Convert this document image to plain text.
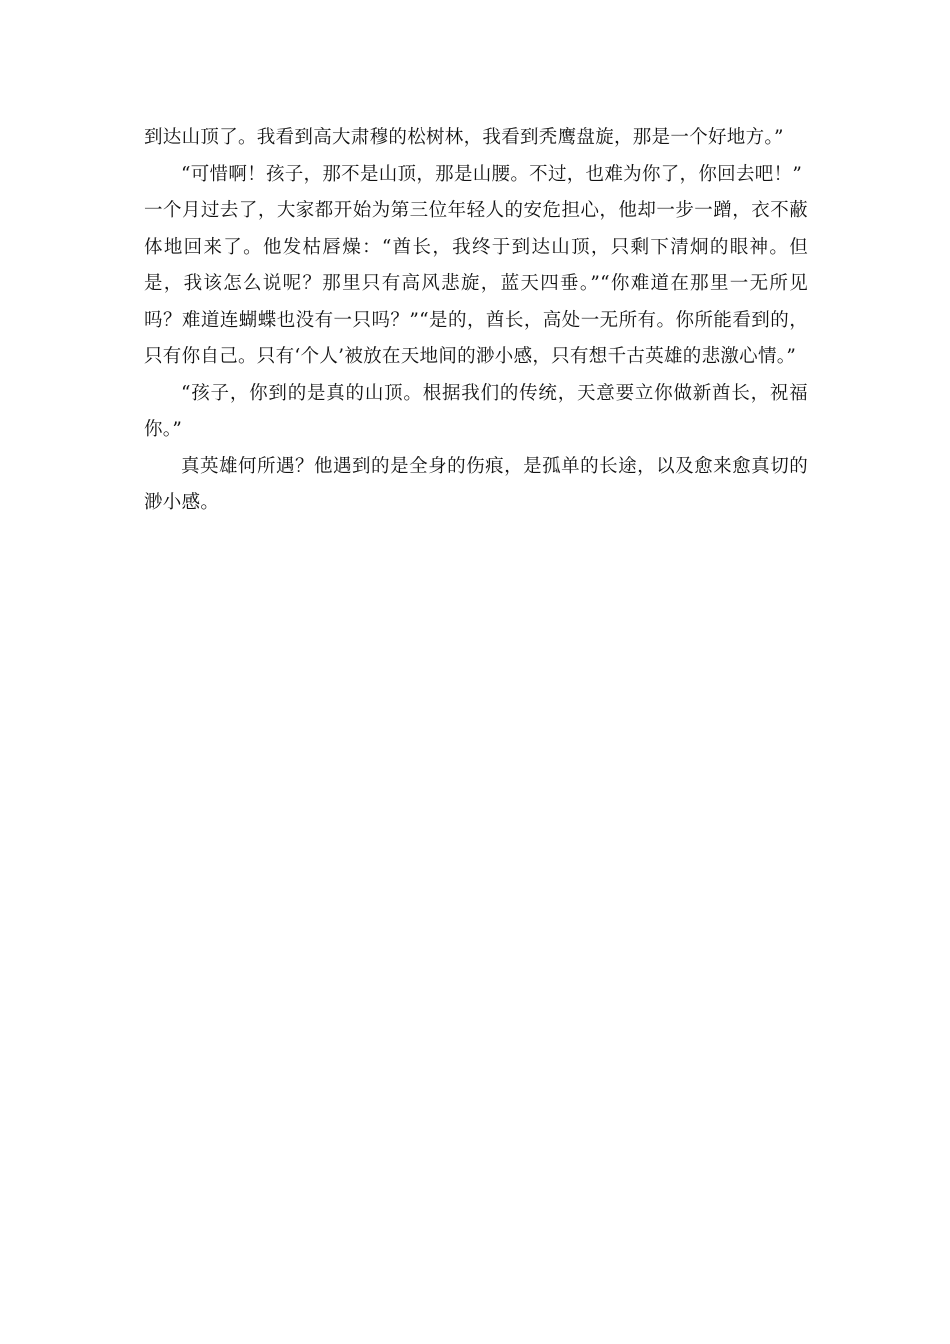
到达山顶了。我看到高大肃穆的松树林，我看到秃鹰盘旋，那是一个好地方。”

“可惜啊！孩子，那不是山顶，那是山腰。不过，也难为你了，你回去吧！”

一个月过去了，大家都开始为第三位年轻人的安危担心，他却一步一蹭，衣不蔽体地回来了。他发枯唇燥：“酋长，我终于到达山顶，只剩下清炯的眼神。但是，我该怎么说呢？那里只有高风悲旋，蓝天四垂。”“你难道在那里一无所见吗？难道连蝴蝶也没有一只吗？”“是的，酋长，高处一无所有。你所能看到的，只有你自己。只有‘个人’被放在天地间的渺小感，只有想千古英雄的悲激心情。”

“孩子，你到的是真的山顶。根据我们的传统，天意要立你做新酋长，祝福你。”

真英雄何所遇？他遇到的是全身的伤痕，是孤单的长途，以及愈来愈真切的渺小感。
